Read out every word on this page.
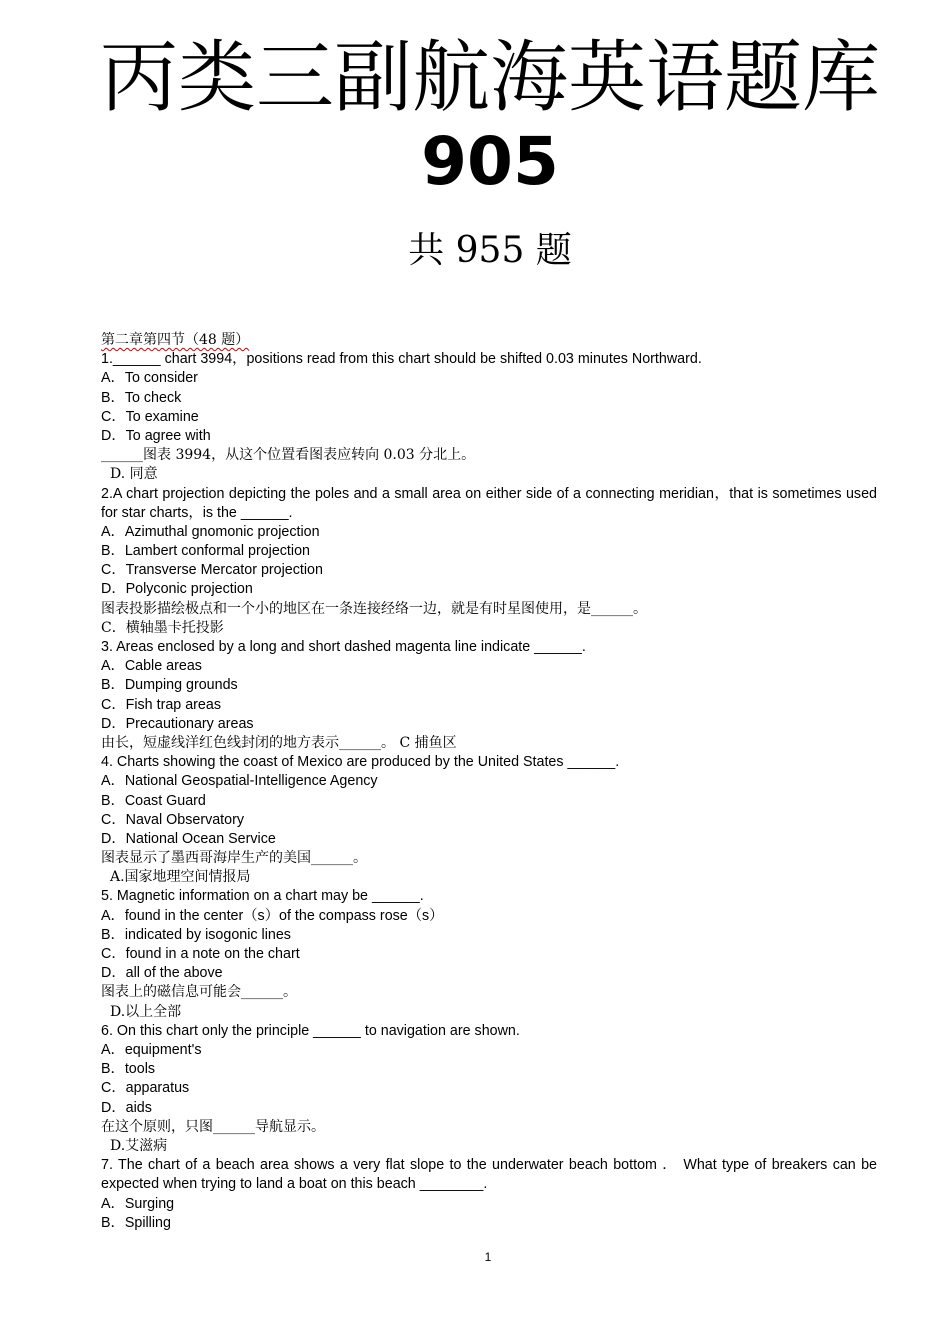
丙类三副航海英语题库
905
共 955 题
第二章第四节（48 题）
1.______ chart 3994，positions read from this chart should be shifted 0.03 minutes Northward.
A．To consider
B．To check
C．To examine
D．To agree with
______图表 3994，从这个位置看图表应转向 0.03 分北上。
D. 同意
2.A chart projection depicting the poles and a small area on either side of a connecting meridian，that is sometimes used for star charts，is the ______.
A．Azimuthal gnomonic projection
B．Lambert conformal projection
C．Transverse Mercator projection
D．Polyconic projection
图表投影描绘极点和一个小的地区在一条连接经络一边，就是有时星图使用，是______。
C．横轴墨卡托投影
3. Areas enclosed by a long and short dashed magenta line indicate ______.
A．Cable areas
B．Dumping grounds
C．Fish trap areas
D．Precautionary areas
由长，短虚线洋红色线封闭的地方表示______。 C 捕鱼区
4. Charts showing the coast of Mexico are produced by the United States ______.
A．National Geospatial-Intelligence Agency
B．Coast Guard
C．Naval Observatory
D．National Ocean Service
图表显示了墨西哥海岸生产的美国______。
A.国家地理空间情报局
5. Magnetic information on a chart may be ______.
A．found in the center（s）of the compass rose（s）
B．indicated by isogonic lines
C．found in a note on the chart
D．all of the above
图表上的磁信息可能会______。
D.以上全部
6. On this chart only the principle ______ to navigation are shown.
A．equipment's
B．tools
C．apparatus
D．aids
在这个原则，只图______导航显示。
D.艾滋病
7. The chart of a beach area shows a very flat slope to the underwater beach bottom ． What type of breakers can be expected when trying to land a boat on this beach ________.
A．Surging
B．Spilling
1
